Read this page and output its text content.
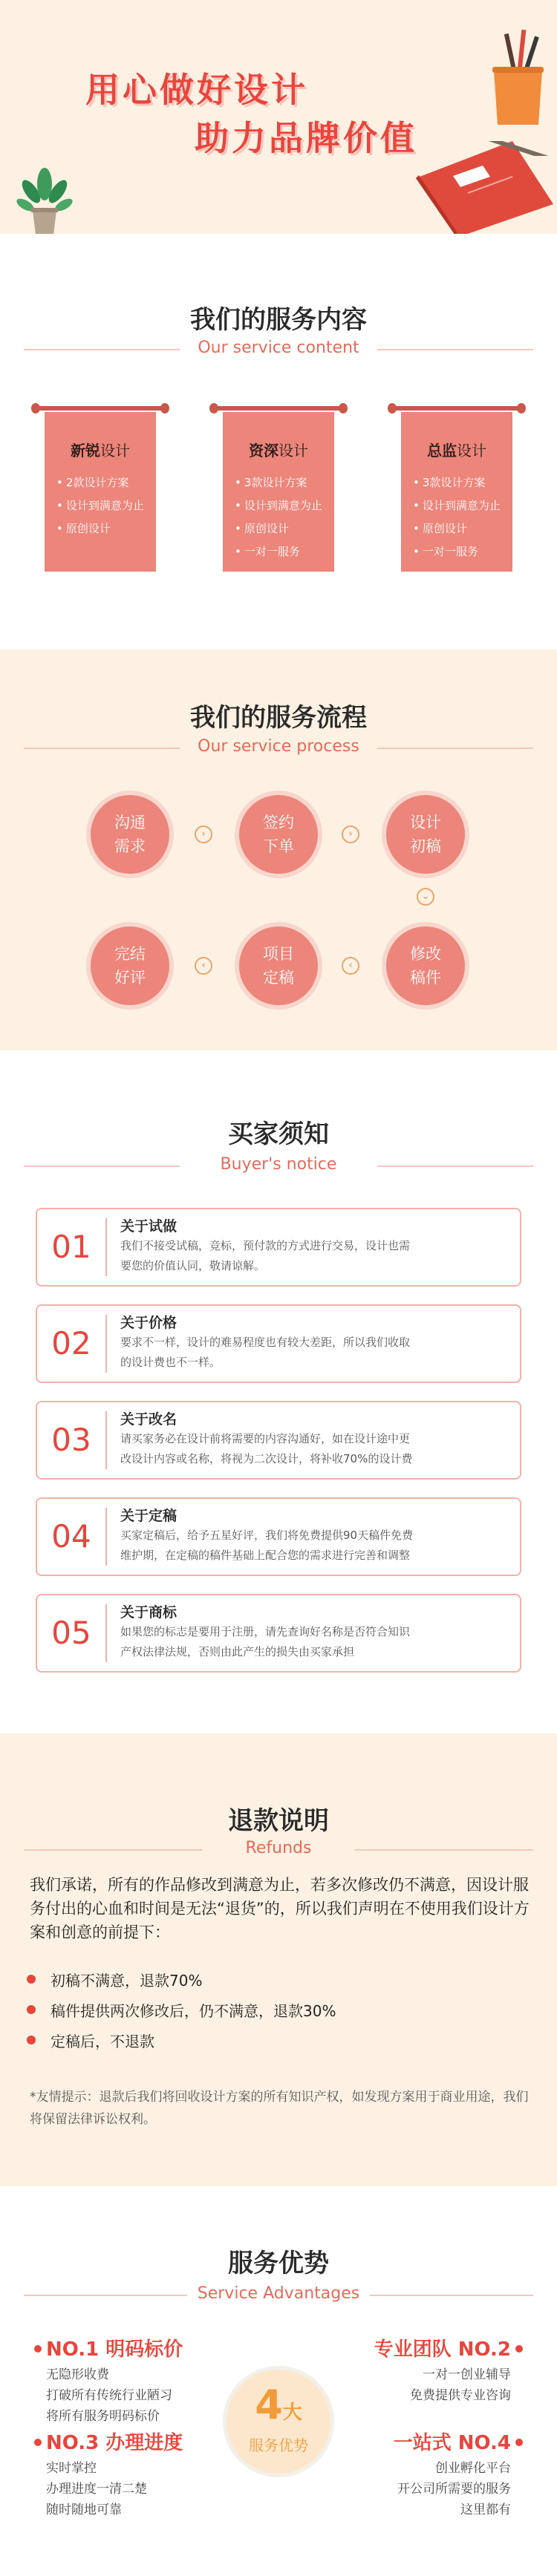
用心做好设计
助力品牌价值
我们的服务内容
Our service content
新锐设计
• 2款设计方案
• 设计到满意为止
• 原创设计
资深设计
• 3款设计方案
• 设计到满意为止
• 原创设计
• 一对一服务
总监设计
• 3款设计方案
• 设计到满意为止
• 原创设计
• 一对一服务
我们的服务流程
Our service process
沟通
需求
›
签约
下单
›
设计
初稿
⌄
修改
稿件
‹
项目
定稿
‹
完结
好评
买家须知
Buyer's notice
01
关于试做
我们不接受试稿，竞标，预付款的方式进行交易，设计也需
要您的价值认同，敬请谅解。
02
关于价格
要求不一样，设计的难易程度也有较大差距，所以我们收取
的设计费也不一样。
03
关于改名
请买家务必在设计前将需要的内容沟通好，如在设计途中更
改设计内容或名称，将视为二次设计，将补收70%的设计费
04
关于定稿
买家定稿后，给予五星好评，我们将免费提供90天稿件免费
维护期，在定稿的稿件基础上配合您的需求进行完善和调整
05
关于商标
如果您的标志是要用于注册，请先查询好名称是否符合知识
产权法律法规，否则由此产生的损失由买家承担
退款说明
Refunds
我们承诺，所有的作品修改到满意为止，若多次修改仍不满意，因设计服务付出的心血和时间是无法“退货”的，所以我们声明在不使用我们设计方案和创意的前提下：
初稿不满意，退款70%
稿件提供两次修改后，仍不满意，退款30%
定稿后，不退款
*友情提示：退款后我们将回收设计方案的所有知识产权，如发现方案用于商业用途，我们将保留法律诉讼权利。
服务优势
Service Advantages
NO.1 明码标价
无隐形收费
打破所有传统行业陋习
将所有服务明码标价
专业团队 NO.2
一对一创业辅导
免费提供专业咨询
4大
服务优势
NO.3 办理进度
实时掌控
办理进度一清二楚
随时随地可靠
一站式 NO.4
创业孵化平台
开公司所需要的服务
这里都有
